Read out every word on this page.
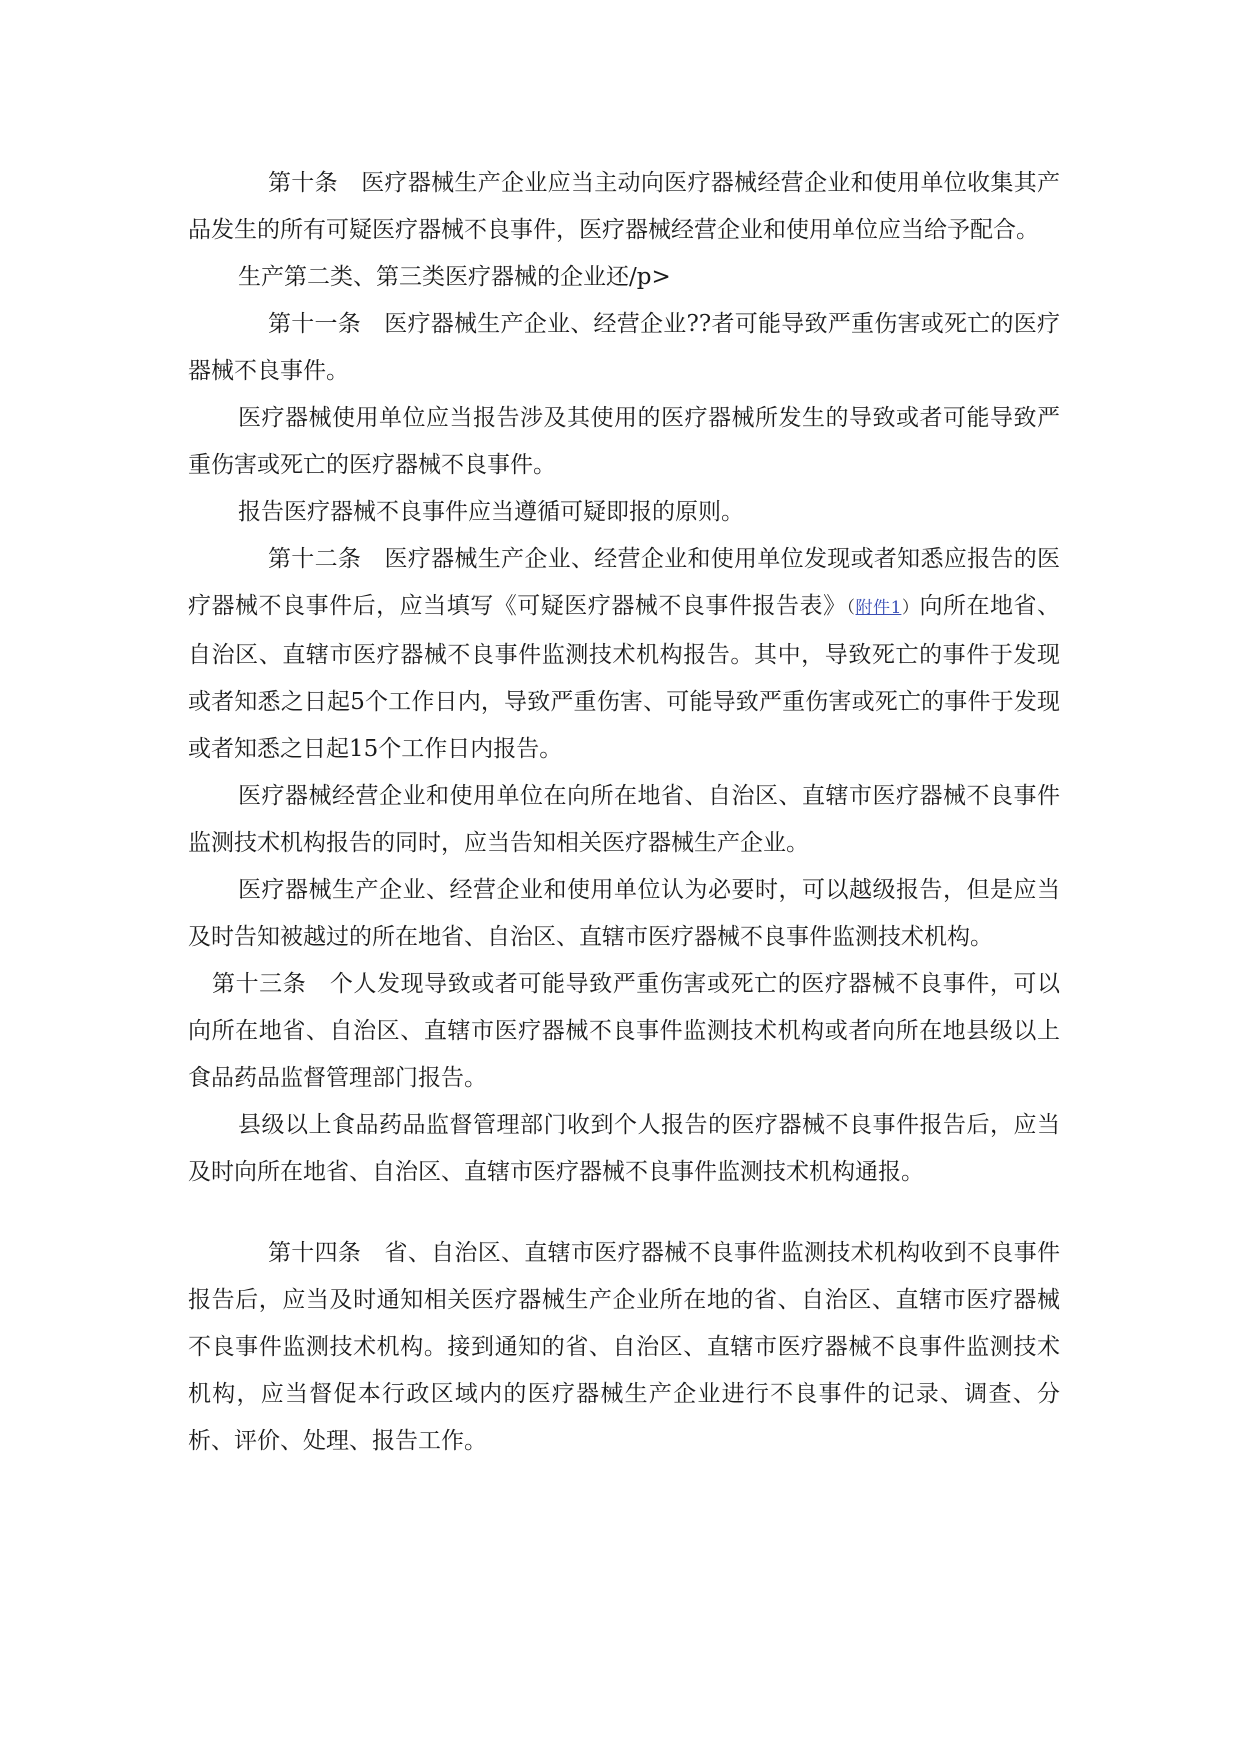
第十条　医疗器械生产企业应当主动向医疗器械经营企业和使用单位收集其产品发生的所有可疑医疗器械不良事件，医疗器械经营企业和使用单位应当给予配合。

生产第二类、第三类医疗器械的企业还/p>

第十一条　医疗器械生产企业、经营企业??者可能导致严重伤害或死亡的医疗器械不良事件。

医疗器械使用单位应当报告涉及其使用的医疗器械所发生的导致或者可能导致严重伤害或死亡的医疗器械不良事件。

报告医疗器械不良事件应当遵循可疑即报的原则。

第十二条　医疗器械生产企业、经营企业和使用单位发现或者知悉应报告的医疗器械不良事件后，应当填写《可疑医疗器械不良事件报告表》（附件1）向所在地省、自治区、直辖市医疗器械不良事件监测技术机构报告。其中，导致死亡的事件于发现或者知悉之日起5个工作日内，导致严重伤害、可能导致严重伤害或死亡的事件于发现或者知悉之日起15个工作日内报告。

医疗器械经营企业和使用单位在向所在地省、自治区、直辖市医疗器械不良事件监测技术机构报告的同时，应当告知相关医疗器械生产企业。

医疗器械生产企业、经营企业和使用单位认为必要时，可以越级报告，但是应当及时告知被越过的所在地省、自治区、直辖市医疗器械不良事件监测技术机构。

第十三条　个人发现导致或者可能导致严重伤害或死亡的医疗器械不良事件，可以向所在地省、自治区、直辖市医疗器械不良事件监测技术机构或者向所在地县级以上食品药品监督管理部门报告。

县级以上食品药品监督管理部门收到个人报告的医疗器械不良事件报告后，应当及时向所在地省、自治区、直辖市医疗器械不良事件监测技术机构通报。

第十四条　省、自治区、直辖市医疗器械不良事件监测技术机构收到不良事件报告后，应当及时通知相关医疗器械生产企业所在地的省、自治区、直辖市医疗器械不良事件监测技术机构。接到通知的省、自治区、直辖市医疗器械不良事件监测技术机构，应当督促本行政区域内的医疗器械生产企业进行不良事件的记录、调查、分析、评价、处理、报告工作。
